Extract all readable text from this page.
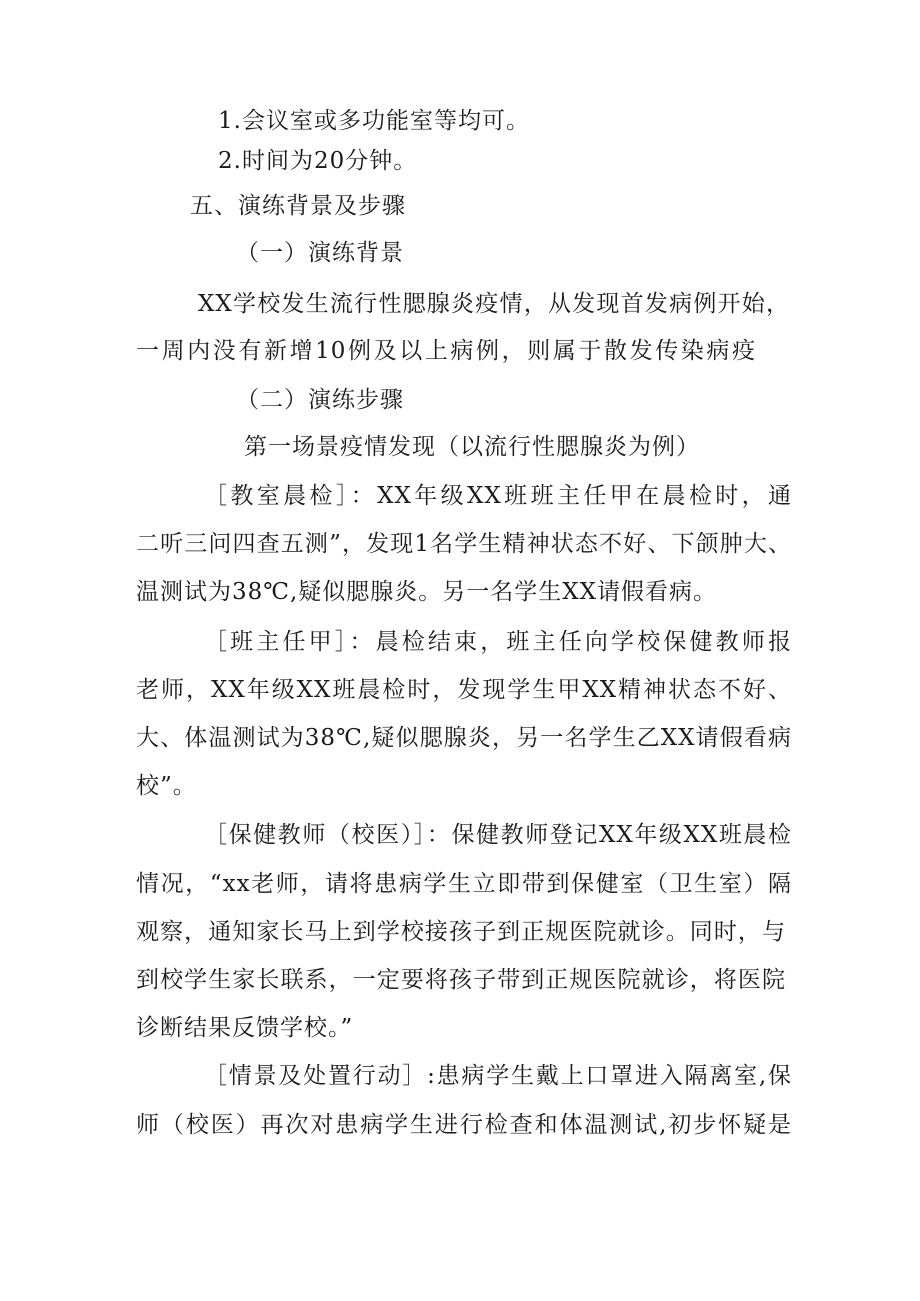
1.会议室或多功能室等均可。
2.时间为20分钟。
五、演练背景及步骤
（一）演练背景
XX学校发生流行性腮腺炎疫情，从发现首发病例开始，
一周内没有新增10例及以上病例，则属于散发传染病疫
（二）演练步骤
第一场景疫情发现（以流行性腮腺炎为例）
［教室晨检］：XX年级XX班班主任甲在晨检时，通
二听三问四查五测”，发现1名学生精神状态不好、下颌肿大、
温测试为38℃,疑似腮腺炎。另一名学生XX请假看病。
［班主任甲］：晨检结束，班主任向学校保健教师报
老师，XX年级XX班晨检时，发现学生甲XX精神状态不好、
大、体温测试为38℃,疑似腮腺炎，另一名学生乙XX请假看病
校”。
［保健教师（校医）］：保健教师登记XX年级XX班晨检
情况，“xx老师，请将患病学生立即带到保健室（卫生室）隔
观察，通知家长马上到学校接孩子到正规医院就诊。同时，与
到校学生家长联系，一定要将孩子带到正规医院就诊，将医院
诊断结果反馈学校。”
［情景及处置行动］:患病学生戴上口罩进入隔离室,保
师（校医）再次对患病学生进行检查和体温测试,初步怀疑是
